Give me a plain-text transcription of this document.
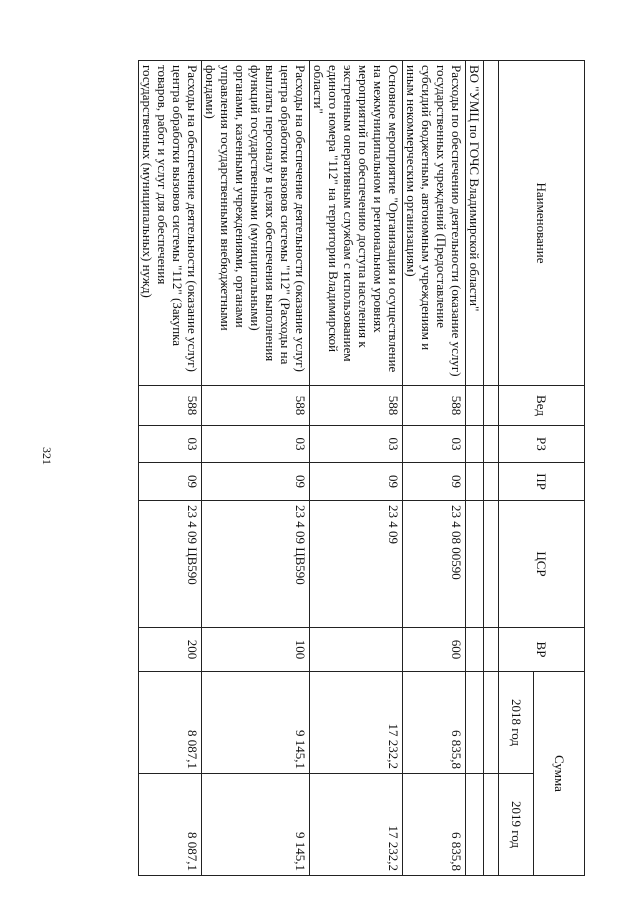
321
Наименование	Вед	РЗ	ПР	ЦСР	ВР	Сумма	
						2018 год	2019 год

ВО "УМЦ по ГОЧС Владимирской области"							
Расходы по обеспечению деятельности (оказание услуг) государственных учреждений (Предоставление субсидий бюджетным, автономным учреждениям и иным некоммерческим организациям)	588	03	09	23 4 08 00590	600	6 835,8	6 835,8
Основное мероприятие "Организация и осуществление на межмуниципальном и региональном уровнях мероприятий по обеспечению доступа населения к экстренным оперативным службам с использованием единого номера "112" на территории Владимирской области"	588	03	09	23 4 09		17 232,2	17 232,2
Расходы на обеспечение деятельности (оказание услуг) центра обработки вызовов системы "112" (Расходы на выплаты персоналу в целях обеспечения выполнения функций государственными (муниципальными) органами, казенными учреждениями, органами управления государственными внебюджетными фондами)	588	03	09	23 4 09 ЦВ590	100	9 145,1	9 145,1
Расходы на обеспечение деятельности (оказание услуг) центра обработки вызовов системы "112" (Закупка товаров, работ и услуг для обеспечения государственных (муниципальных) нужд)	588	03	09	23 4 09 ЦВ590	200	8 087,1	8 087,1
